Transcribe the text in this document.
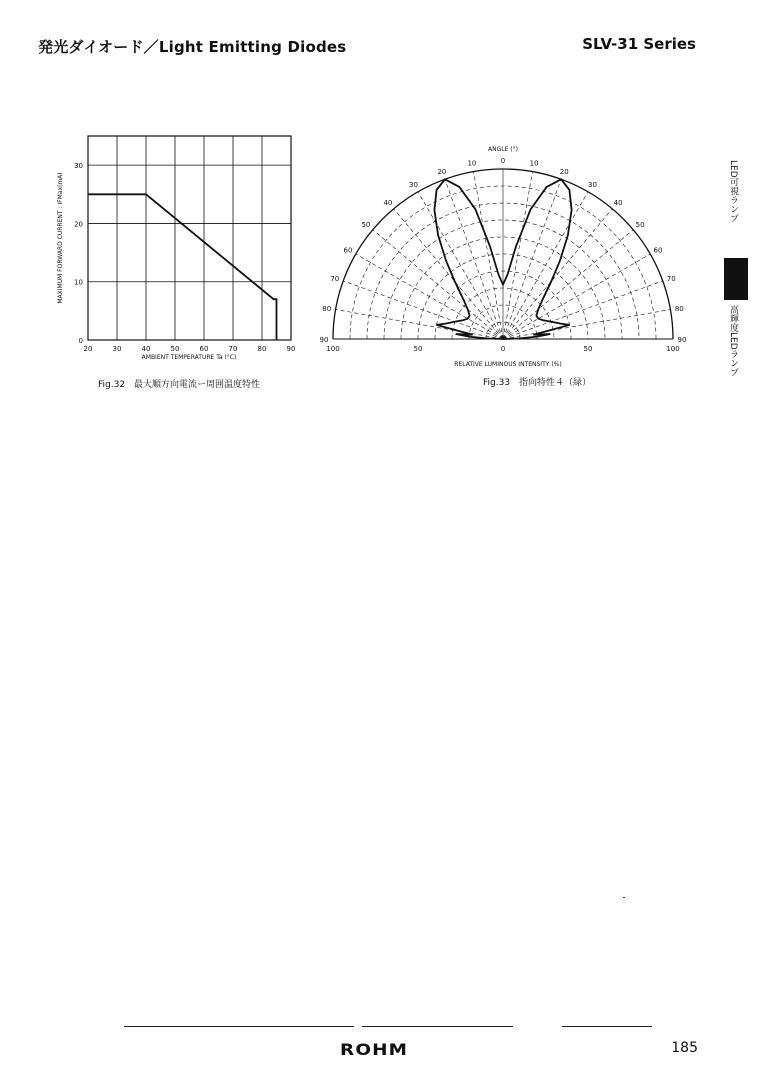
発光ダイオード／Light Emitting Diodes	SLV-31 Series
LED可視ランプ
高輝度LEDランプ
20	30	40	50	60	70	80	90
0
10
20
30
AMBIENT TEMPERATURE Ta (°C)
MAXIMUM FORWARD CURRENT : IFMax(mA)
90
80
70
60
50
40
30
20
10	0	10
20
30
40
50
60
70
80
90
100	50	0	50	100
ANGLE (°)
RELATIVE LUMINOUS INTENSITY (%)
Fig.32 最大順方向電流ー周囲温度特性	Fig.33 指向特性４（緑）
ROHM	185
